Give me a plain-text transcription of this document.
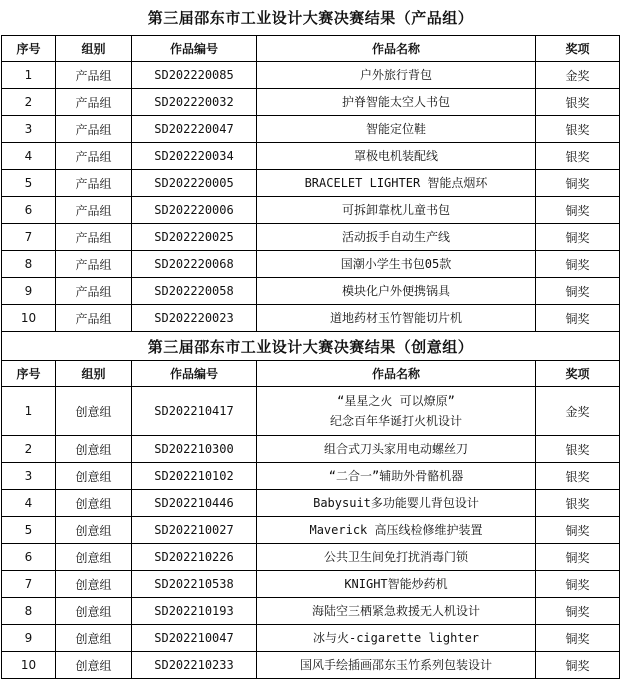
第三届邵东市工业设计大赛决赛结果（产品组）				
序号	组别	作品编号	作品名称	奖项
1	产品组	SD202220085	户外旅行背包	金奖
2	产品组	SD202220032	护脊智能太空人书包	银奖
3	产品组	SD202220047	智能定位鞋	银奖
4	产品组	SD202220034	罩极电机装配线	银奖
5	产品组	SD202220005	BRACELET LIGHTER 智能点烟环	铜奖
6	产品组	SD202220006	可拆卸靠枕儿童书包	铜奖
7	产品组	SD202220025	活动扳手自动生产线	铜奖
8	产品组	SD202220068	国潮小学生书包05款	铜奖
9	产品组	SD202220058	模块化户外便携锅具	铜奖
10	产品组	SD202220023	道地药材玉竹智能切片机	铜奖
第三届邵东市工业设计大赛决赛结果（创意组）				
序号	组别	作品编号	作品名称	奖项
1	创意组	SD202210417	“星星之火 可以燎原”
纪念百年华诞打火机设计	金奖
2	创意组	SD202210300	组合式刀头家用电动螺丝刀	银奖
3	创意组	SD202210102	“二合一”辅助外骨骼机器	银奖
4	创意组	SD202210446	Babysuit多功能婴儿背包设计	银奖
5	创意组	SD202210027	Maverick 高压线检修维护装置	铜奖
6	创意组	SD202210226	公共卫生间免打扰消毒门锁	铜奖
7	创意组	SD202210538	KNIGHT智能炒药机	铜奖
8	创意组	SD202210193	海陆空三栖紧急救援无人机设计	铜奖
9	创意组	SD202210047	冰与火-cigarette lighter	铜奖
10	创意组	SD202210233	国风手绘插画邵东玉竹系列包装设计	铜奖
